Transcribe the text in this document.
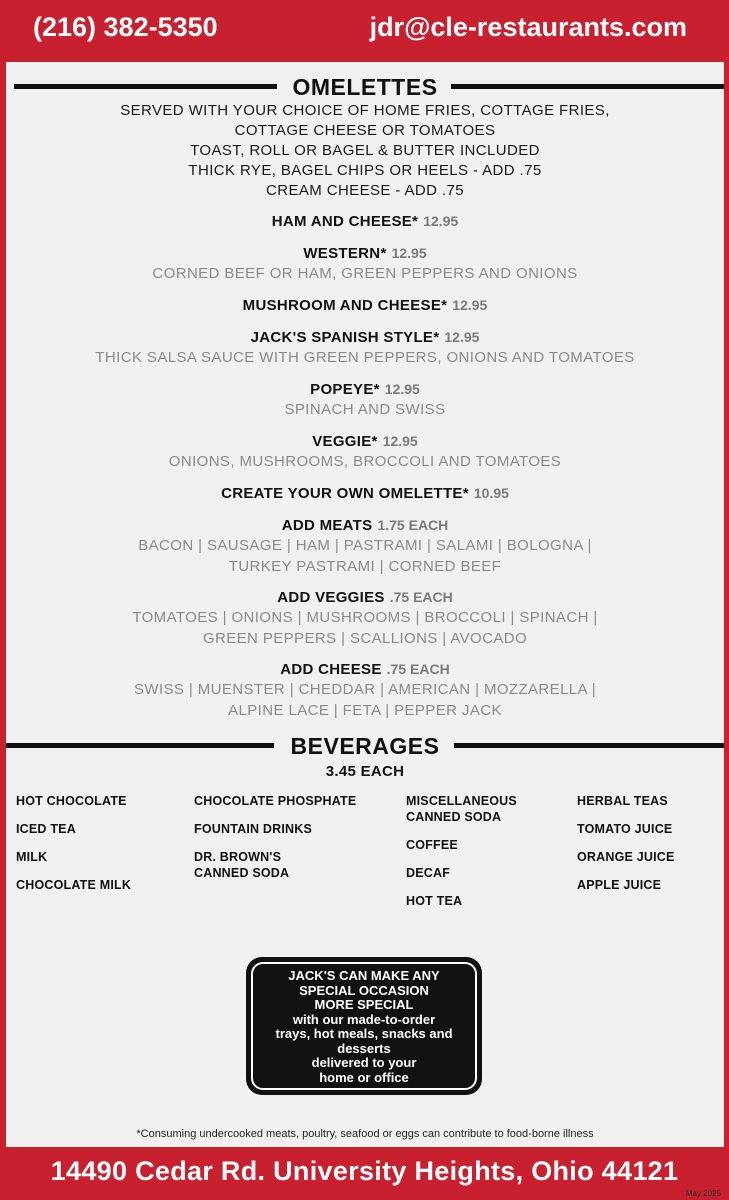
(216) 382-5350	jdr@cle-restaurants.com
OMELETTES
SERVED WITH YOUR CHOICE OF HOME FRIES, COTTAGE FRIES,
COTTAGE CHEESE OR TOMATOES
TOAST, ROLL OR BAGEL & BUTTER INCLUDED
THICK RYE, BAGEL CHIPS OR HEELS - ADD .75
CREAM CHEESE - ADD .75
HAM AND CHEESE* 12.95
WESTERN* 12.95
CORNED BEEF OR HAM, GREEN PEPPERS AND ONIONS
MUSHROOM AND CHEESE* 12.95
JACK'S SPANISH STYLE* 12.95
THICK SALSA SAUCE WITH GREEN PEPPERS, ONIONS AND TOMATOES
POPEYE* 12.95
SPINACH AND SWISS
VEGGIE* 12.95
ONIONS, MUSHROOMS, BROCCOLI AND TOMATOES
CREATE YOUR OWN OMELETTE* 10.95
ADD MEATS 1.75 EACH
BACON | SAUSAGE | HAM | PASTRAMI | SALAMI | BOLOGNA |
TURKEY PASTRAMI | CORNED BEEF
ADD VEGGIES .75 EACH
TOMATOES | ONIONS | MUSHROOMS | BROCCOLI | SPINACH |
GREEN PEPPERS | SCALLIONS | AVOCADO
ADD CHEESE .75 EACH
SWISS | MUENSTER | CHEDDAR | AMERICAN | MOZZARELLA |
ALPINE LACE | FETA | PEPPER JACK
BEVERAGES
3.45 EACH
HOT CHOCOLATE
ICED TEA
MILK
CHOCOLATE MILK
CHOCOLATE PHOSPHATE
FOUNTAIN DRINKS
DR. BROWN'S
CANNED SODA
MISCELLANEOUS
CANNED SODA
COFFEE
DECAF
HOT TEA
HERBAL TEAS
TOMATO JUICE
ORANGE JUICE
APPLE JUICE
JACK'S CAN MAKE ANY
SPECIAL OCCASION
MORE SPECIAL
with our made-to-order
trays, hot meals, snacks and
desserts
delivered to your
home or office
*Consuming undercooked meats, poultry, seafood or eggs can contribute to food-borne illness
14490 Cedar Rd. University Heights, Ohio 44121
May 2025
